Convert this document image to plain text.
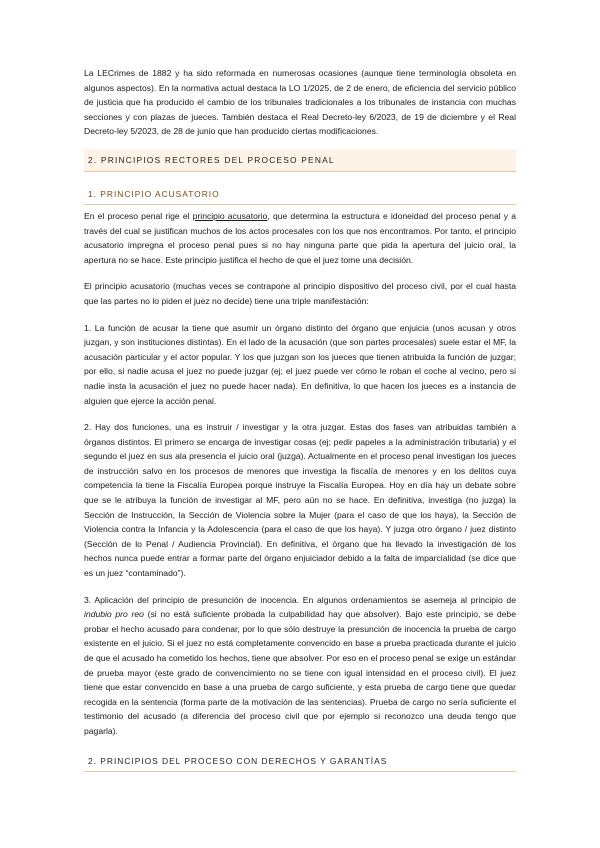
La LECrimes de 1882 y ha sido reformada en numerosas ocasiones (aunque tiene terminología obsoleta en algunos aspectos). En la normativa actual destaca la LO 1/2025, de 2 de enero, de eficiencia del servicio público de justicia que ha producido el cambio de los tribunales tradicionales a los tribunales de instancia con muchas secciones y con plazas de jueces. También destaca el Real Decreto-ley 6/2023, de 19 de diciembre y el Real Decreto-ley 5/2023, de 28 de junio que han producido ciertas modificaciones.

2. PRINCIPIOS RECTORES DEL PROCESO PENAL
1. PRINCIPIO ACUSATORIO

En el proceso penal rige el principio acusatorio, que determina la estructura e idoneidad del proceso penal y a través del cual se justifican muchos de los actos procesales con los que nos encontramos. Por tanto, el principio acusatorio impregna el proceso penal pues si no hay ninguna parte que pida la apertura del juicio oral, la apertura no se hace. Este principio justifica el hecho de que el juez tome una decisión.

El principio acusatorio (muchas veces se contrapone al principio dispositivo del proceso civil, por el cual hasta que las partes no lo piden el juez no decide) tiene una triple manifestación:

1. La función de acusar la tiene que asumir un órgano distinto del órgano que enjuicia (unos acusan y otros juzgan, y son instituciones distintas). En el lado de la acusación (que son partes procesales) suele estar el MF, la acusación particular y el actor popular. Y los que juzgan son los jueces que tienen atribuida la función de juzgar; por ello, si nadie acusa el juez no puede juzgar (ej; el juez puede ver cómo le roban el coche al vecino, pero si nadie insta la acusación el juez no puede hacer nada). En definitiva, lo que hacen los jueces es a instancia de alguien que ejerce la acción penal.

2. Hay dos funciones, una es instruir / investigar y la otra juzgar. Estas dos fases van atribuidas también a órganos distintos. El primero se encarga de investigar cosas (ej; pedir papeles a la administración tributaria) y el segundo el juez en sus ala presencia el juicio oral (juzga). Actualmente en el proceso penal investigan los jueces de instrucción salvo en los procesos de menores que investiga la fiscalía de menores y en los delitos cuya competencia la tiene la Fiscalía Europea porque instruye la Fiscalía Europea. Hoy en día hay un debate sobre que se le atribuya la función de investigar al MF, pero aún no se hace. En definitiva, investiga (no juzga) la Sección de Instrucción, la Sección de Violencia sobre la Mujer (para el caso de que los haya), la Sección de Violencia contra la Infancia y la Adolescencia (para el caso de que los haya). Y juzga otro órgano / juez distinto (Sección de lo Penal / Audiencia Provincial). En definitiva, el órgano que ha llevado la investigación de los hechos nunca puede entrar a formar parte del órgano enjuiciador debido a la falta de imparcialidad (se dice que es un juez “contaminado”).

3. Aplicación del principio de presunción de inocencia. En algunos ordenamientos se asemeja al principio de indubio pro reo (si no está suficiente probada la culpabilidad hay que absolver). Bajo este principio, se debe probar el hecho acusado para condenar, por lo que sólo destruye la presunción de inocencia la prueba de cargo existente en el juicio. Si el juez no está completamente convencido en base a prueba practicada durante el juicio de que el acusado ha cometido los hechos, tiene que absolver. Por eso en el proceso penal se exige un estándar de prueba mayor (este grado de convencimiento no se tiene con igual intensidad en el proceso civil). El juez tiene que estar convencido en base a una prueba de cargo suficiente, y esta prueba de cargo tiene que quedar recogida en la sentencia (forma parte de la motivación de las sentencias). Prueba de cargo no sería suficiente el testimonio del acusado (a diferencia del proceso civil que por ejemplo si reconozco una deuda tengo que pagarla).

2. PRINCIPIOS DEL PROCESO CON DERECHOS Y GARANTÍAS
